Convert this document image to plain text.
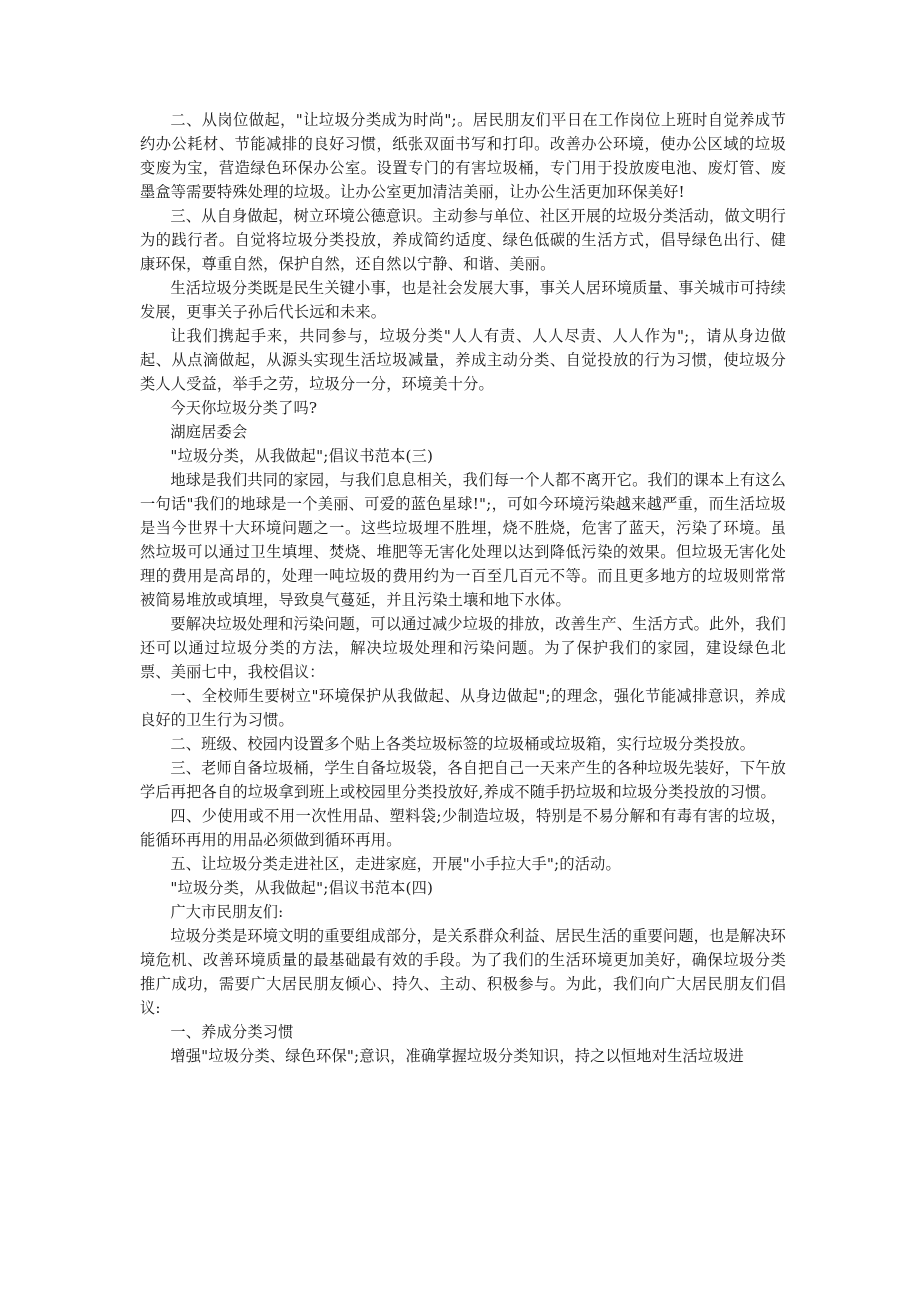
二、从岗位做起，"让垃圾分类成为时尚";。居民朋友们平日在工作岗位上班时自觉养成节约办公耗材、节能减排的良好习惯，纸张双面书写和打印。改善办公环境，使办公区域的垃圾变废为宝，营造绿色环保办公室。设置专门的有害垃圾桶，专门用于投放废电池、废灯管、废墨盒等需要特殊处理的垃圾。让办公室更加清洁美丽，让办公生活更加环保美好!

三、从自身做起，树立环境公德意识。主动参与单位、社区开展的垃圾分类活动，做文明行为的践行者。自觉将垃圾分类投放，养成简约适度、绿色低碳的生活方式，倡导绿色出行、健康环保，尊重自然，保护自然，还自然以宁静、和谐、美丽。

生活垃圾分类既是民生关键小事，也是社会发展大事，事关人居环境质量、事关城市可持续发展，更事关子孙后代长远和未来。

让我们携起手来，共同参与，垃圾分类"人人有责、人人尽责、人人作为";，请从身边做起、从点滴做起，从源头实现生活垃圾减量，养成主动分类、自觉投放的行为习惯，使垃圾分类人人受益，举手之劳，垃圾分一分，环境美十分。

今天你垃圾分类了吗?

湖庭居委会

"垃圾分类，从我做起";倡议书范本(三)

地球是我们共同的家园，与我们息息相关，我们每一个人都不离开它。我们的课本上有这么一句话"我们的地球是一个美丽、可爱的蓝色星球!";，可如今环境污染越来越严重，而生活垃圾是当今世界十大环境问题之一。这些垃圾埋不胜埋，烧不胜烧，危害了蓝天，污染了环境。虽然垃圾可以通过卫生填埋、焚烧、堆肥等无害化处理以达到降低污染的效果。但垃圾无害化处理的费用是高昂的，处理一吨垃圾的费用约为一百至几百元不等。而且更多地方的垃圾则常常被简易堆放或填埋，导致臭气蔓延，并且污染土壤和地下水体。

要解决垃圾处理和污染问题，可以通过减少垃圾的排放，改善生产、生活方式。此外，我们还可以通过垃圾分类的方法，解决垃圾处理和污染问题。为了保护我们的家园，建设绿色北票、美丽七中，我校倡议：

一、全校师生要树立"环境保护从我做起、从身边做起";的理念，强化节能减排意识，养成良好的卫生行为习惯。

二、班级、校园内设置多个贴上各类垃圾标签的垃圾桶或垃圾箱，实行垃圾分类投放。

三、老师自备垃圾桶，学生自备垃圾袋，各自把自己一天来产生的各种垃圾先装好，下午放学后再把各自的垃圾拿到班上或校园里分类投放好,养成不随手扔垃圾和垃圾分类投放的习惯。

四、少使用或不用一次性用品、塑料袋;少制造垃圾，特别是不易分解和有毒有害的垃圾，能循环再用的用品必须做到循环再用。

五、让垃圾分类走进社区，走进家庭，开展"小手拉大手";的活动。

"垃圾分类，从我做起";倡议书范本(四)

广大市民朋友们:

垃圾分类是环境文明的重要组成部分，是关系群众利益、居民生活的重要问题，也是解决环境危机、改善环境质量的最基础最有效的手段。为了我们的生活环境更加美好，确保垃圾分类推广成功，需要广大居民朋友倾心、持久、主动、积极参与。为此，我们向广大居民朋友们倡议:

一、养成分类习惯

增强"垃圾分类、绿色环保";意识，准确掌握垃圾分类知识，持之以恒地对生活垃圾进
